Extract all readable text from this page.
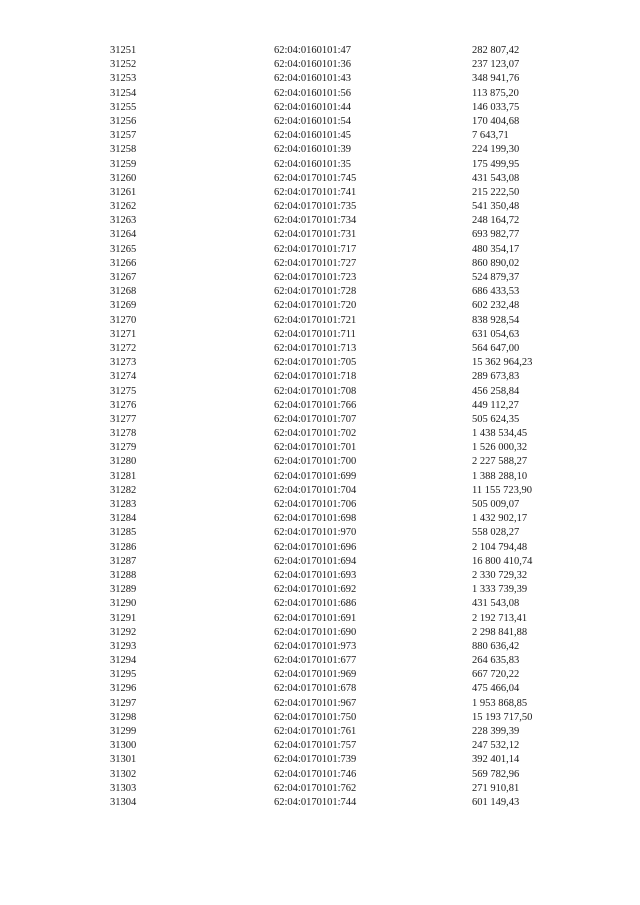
31251	62:04:0160101:47	282 807,42
31252	62:04:0160101:36	237 123,07
31253	62:04:0160101:43	348 941,76
31254	62:04:0160101:56	113 875,20
31255	62:04:0160101:44	146 033,75
31256	62:04:0160101:54	170 404,68
31257	62:04:0160101:45	7 643,71
31258	62:04:0160101:39	224 199,30
31259	62:04:0160101:35	175 499,95
31260	62:04:0170101:745	431 543,08
31261	62:04:0170101:741	215 222,50
31262	62:04:0170101:735	541 350,48
31263	62:04:0170101:734	248 164,72
31264	62:04:0170101:731	693 982,77
31265	62:04:0170101:717	480 354,17
31266	62:04:0170101:727	860 890,02
31267	62:04:0170101:723	524 879,37
31268	62:04:0170101:728	686 433,53
31269	62:04:0170101:720	602 232,48
31270	62:04:0170101:721	838 928,54
31271	62:04:0170101:711	631 054,63
31272	62:04:0170101:713	564 647,00
31273	62:04:0170101:705	15 362 964,23
31274	62:04:0170101:718	289 673,83
31275	62:04:0170101:708	456 258,84
31276	62:04:0170101:766	449 112,27
31277	62:04:0170101:707	505 624,35
31278	62:04:0170101:702	1 438 534,45
31279	62:04:0170101:701	1 526 000,32
31280	62:04:0170101:700	2 227 588,27
31281	62:04:0170101:699	1 388 288,10
31282	62:04:0170101:704	11 155 723,90
31283	62:04:0170101:706	505 009,07
31284	62:04:0170101:698	1 432 902,17
31285	62:04:0170101:970	558 028,27
31286	62:04:0170101:696	2 104 794,48
31287	62:04:0170101:694	16 800 410,74
31288	62:04:0170101:693	2 330 729,32
31289	62:04:0170101:692	1 333 739,39
31290	62:04:0170101:686	431 543,08
31291	62:04:0170101:691	2 192 713,41
31292	62:04:0170101:690	2 298 841,88
31293	62:04:0170101:973	880 636,42
31294	62:04:0170101:677	264 635,83
31295	62:04:0170101:969	667 720,22
31296	62:04:0170101:678	475 466,04
31297	62:04:0170101:967	1 953 868,85
31298	62:04:0170101:750	15 193 717,50
31299	62:04:0170101:761	228 399,39
31300	62:04:0170101:757	247 532,12
31301	62:04:0170101:739	392 401,14
31302	62:04:0170101:746	569 782,96
31303	62:04:0170101:762	271 910,81
31304	62:04:0170101:744	601 149,43
